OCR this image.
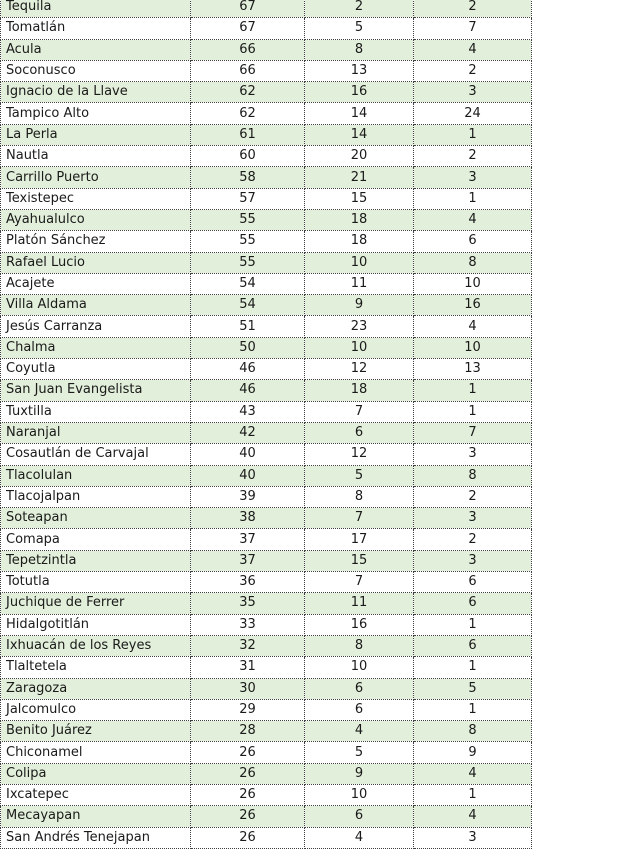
Tequila	67	2	2
Tomatlán	67	5	7
Acula	66	8	4
Soconusco	66	13	2
Ignacio de la Llave	62	16	3
Tampico Alto	62	14	24
La Perla	61	14	1
Nautla	60	20	2
Carrillo Puerto	58	21	3
Texistepec	57	15	1
Ayahualulco	55	18	4
Platón Sánchez	55	18	6
Rafael Lucio	55	10	8
Acajete	54	11	10
Villa Aldama	54	9	16
Jesús Carranza	51	23	4
Chalma	50	10	10
Coyutla	46	12	13
San Juan Evangelista	46	18	1
Tuxtilla	43	7	1
Naranjal	42	6	7
Cosautlán de Carvajal	40	12	3
Tlacolulan	40	5	8
Tlacojalpan	39	8	2
Soteapan	38	7	3
Comapa	37	17	2
Tepetzintla	37	15	3
Totutla	36	7	6
Juchique de Ferrer	35	11	6
Hidalgotitlán	33	16	1
Ixhuacán de los Reyes	32	8	6
Tlaltetela	31	10	1
Zaragoza	30	6	5
Jalcomulco	29	6	1
Benito Juárez	28	4	8
Chiconamel	26	5	9
Colipa	26	9	4
Ixcatepec	26	10	1
Mecayapan	26	6	4
San Andrés Tenejapan	26	4	3
